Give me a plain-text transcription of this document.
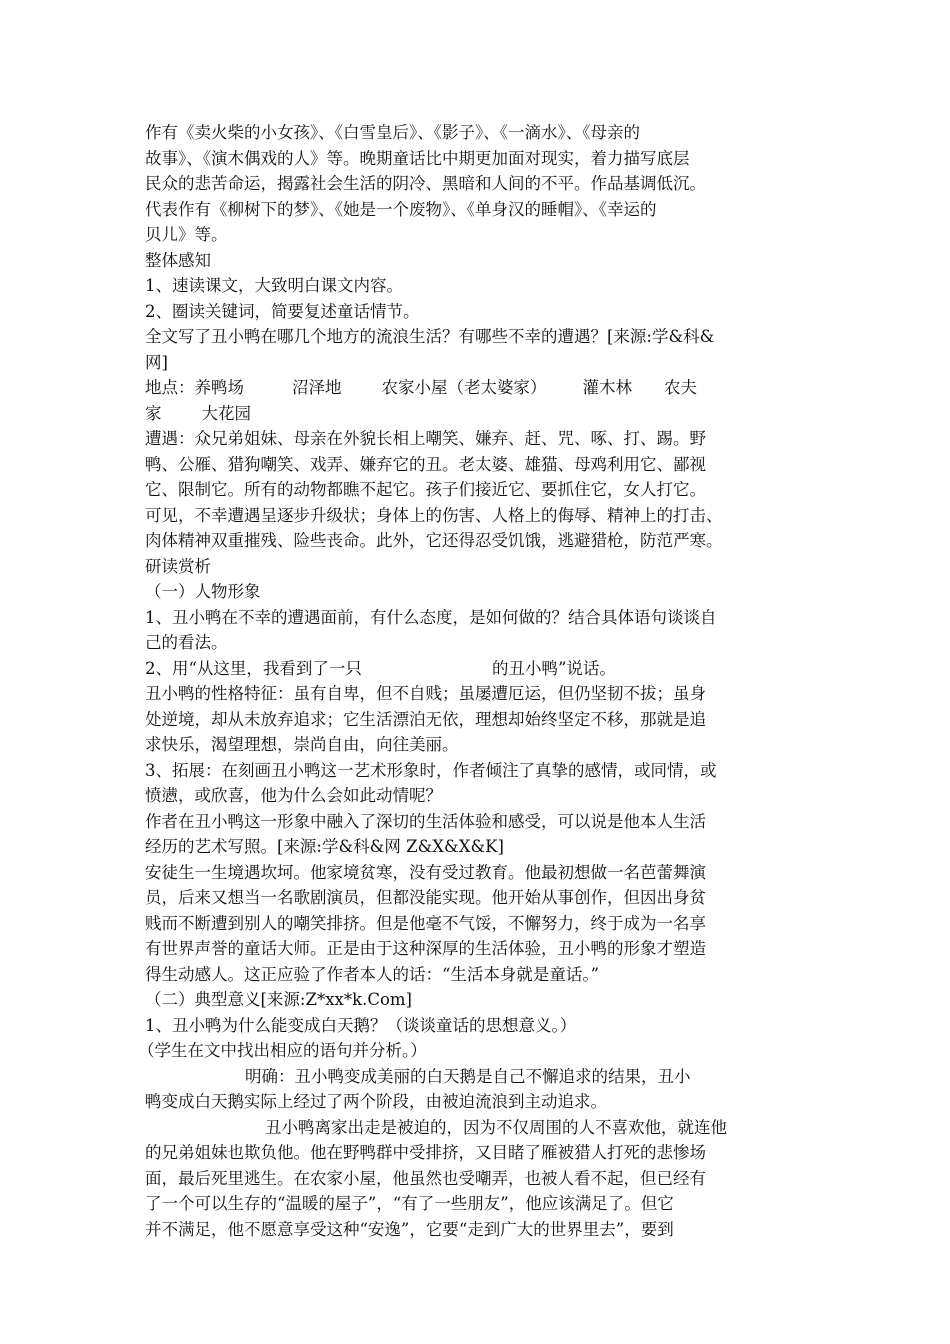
作有《卖火柴的小女孩》、《白雪皇后》、《影子》、《一滴水》、《母亲的
故事》、《演木偶戏的人》等。晚期童话比中期更加面对现实，着力描写底层
民众的悲苦命运，揭露社会生活的阴冷、黑暗和人间的不平。作品基调低沉。
代表作有《柳树下的梦》、《她是一个废物》、《单身汉的睡帽》、《幸运的
贝儿》等。
整体感知
1、速读课文，大致明白课文内容。
2、圈读关键词，简要复述童话情节。
全文写了丑小鸭在哪几个地方的流浪生活？有哪些不幸的遭遇？[来源:学&科&
网]
地点：养鸭场	沼泽地 农家小屋（老太婆家） 灌木林 农夫
家 大花园
遭遇：众兄弟姐妹、母亲在外貌长相上嘲笑、嫌弃、赶、咒、啄、打、踢。野
鸭、公雁、猎狗嘲笑、戏弄、嫌弃它的丑。老太婆、雄猫、母鸡利用它、鄙视
它、限制它。所有的动物都瞧不起它。孩子们接近它、要抓住它，女人打它。
可见，不幸遭遇呈逐步升级状；身体上的伤害、人格上的侮辱、精神上的打击、
肉体精神双重摧残、险些丧命。此外，它还得忍受饥饿，逃避猎枪，防范严寒。
研读赏析
（一）人物形象
1、丑小鸭在不幸的遭遇面前，有什么态度，是如何做的？结合具体语句谈谈自
己的看法。
2、用“从这里，我看到了一只	的丑小鸭”说话。
丑小鸭的性格特征：虽有自卑，但不自贱；虽屡遭厄运，但仍坚韧不拔；虽身
处逆境，却从未放弃追求；它生活漂泊无依，理想却始终坚定不移，那就是追
求快乐，渴望理想，崇尚自由，向往美丽。
3、拓展：在刻画丑小鸭这一艺术形象时，作者倾注了真挚的感情，或同情，或
愤懑，或欣喜，他为什么会如此动情呢？
作者在丑小鸭这一形象中融入了深切的生活体验和感受，可以说是他本人生活
经历的艺术写照。[来源:学&科&网 Z&X&X&K]
安徒生一生境遇坎坷。他家境贫寒，没有受过教育。他最初想做一名芭蕾舞演
员，后来又想当一名歌剧演员，但都没能实现。他开始从事创作，但因出身贫
贱而不断遭到别人的嘲笑排挤。但是他毫不气馁，不懈努力，终于成为一名享
有世界声誉的童话大师。正是由于这种深厚的生活体验，丑小鸭的形象才塑造
得生动感人。这正应验了作者本人的话：“生活本身就是童话。”
（二）典型意义[来源:Z*xx*k.Com]
1、丑小鸭为什么能变成白天鹅？（谈谈童话的思想意义。）
（学生在文中找出相应的语句并分析。）
明确：丑小鸭变成美丽的白天鹅是自己不懈追求的结果，丑小
鸭变成白天鹅实际上经过了两个阶段，由被迫流浪到主动追求。
丑小鸭离家出走是被迫的，因为不仅周围的人不喜欢他，就连他
的兄弟姐妹也欺负他。他在野鸭群中受排挤，又目睹了雁被猎人打死的悲惨场
面，最后死里逃生。在农家小屋，他虽然也受嘲弄，也被人看不起，但已经有
了一个可以生存的“温暖的屋子”，“有了一些朋友”，他应该满足了。但它
并不满足，他不愿意享受这种“安逸”，它要“走到广大的世界里去”，要到
